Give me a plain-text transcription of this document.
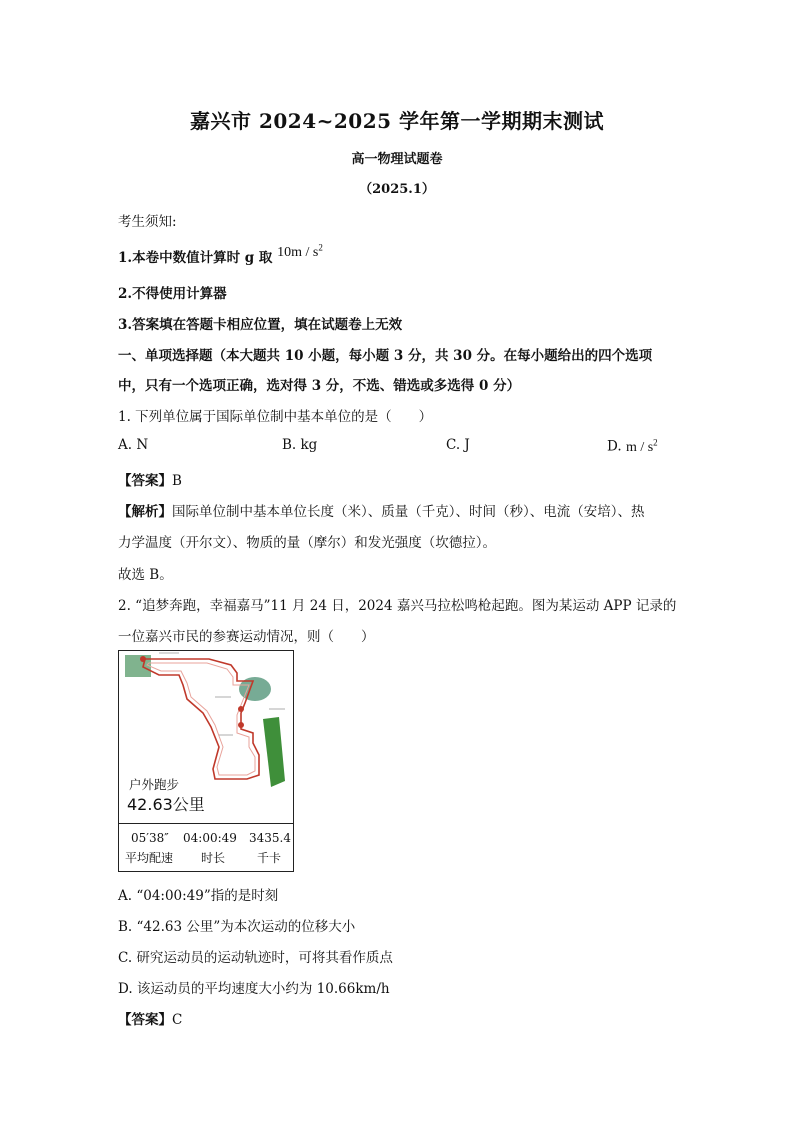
嘉兴市 2024~2025 学年第一学期期末测试
高一物理试题卷
（2025.1）
考生须知:
1.本卷中数值计算时 g 取 $10m / s^2$
2.不得使用计算器
3.答案填在答题卡相应位置，填在试题卷上无效
一、单项选择题（本大题共 10 小题，每小题 3 分，共 30 分。在每小题给出的四个选项
中，只有一个选项正确，选对得 3 分，不选、错选或多选得 0 分）
1. 下列单位属于国际单位制中基本单位的是（　　）
A. N	B. kg	C. J	D. m / $s^2$
【答案】B
【解析】国际单位制中基本单位长度（米）、质量（千克）、时间（秒）、电流（安培）、热
力学温度（开尔文）、物质的量（摩尔）和发光强度（坎德拉）。
故选 B。
2. “追梦奔跑，幸福嘉马”11 月 24 日，2024 嘉兴马拉松鸣枪起跑。图为某运动 APP 记录的
一位嘉兴市民的参赛运动情况，则（　　）
户外跑步
42.63公里
05′38″ 04:00:49 3435.4
平均配速 时长	千卡
A. “04:00:49”指的是时刻
B. “42.63 公里”为本次运动的位移大小
C. 研究运动员的运动轨迹时，可将其看作质点
D. 该运动员的平均速度大小约为 10.66km/h
【答案】C
